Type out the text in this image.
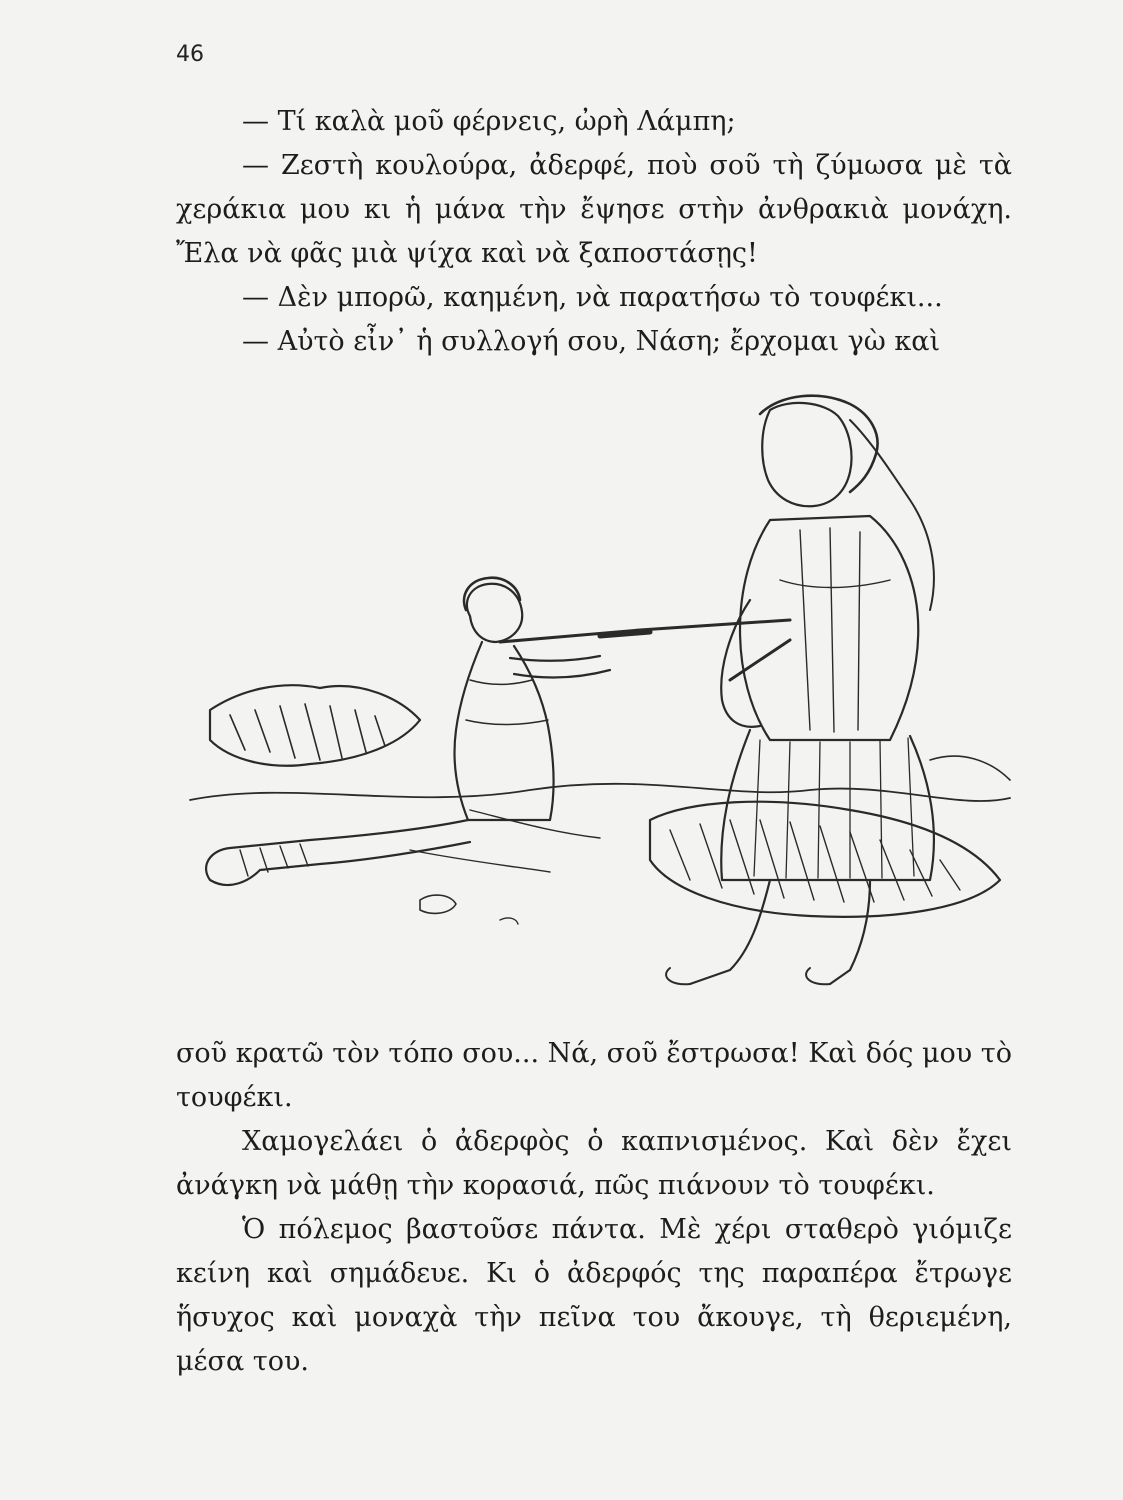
46

— Τί καλὰ μοῦ φέρνεις, ὠρὴ Λάμπη;

— Ζεστὴ κουλούρα, ἀδερφέ, ποὺ σοῦ τὴ ζύμωσα μὲ τὰ χεράκια μου κι ἡ μάνα τὴν ἔψησε στὴν ἀνθρακιὰ μονάχη. Ἔλα νὰ φᾶς μιὰ ψίχα καὶ νὰ ξαποστάσῃς!

— Δὲν μπορῶ, καημένη, νὰ παρατήσω τὸ τουφέκι...

— Αὐτὸ εἶν᾽ ἡ συλλογή σου, Νάση; ἔρχομαι γὼ καὶ

σοῦ κρατῶ τὸν τόπο σου... Νά, σοῦ ἔστρωσα! Καὶ δός μου τὸ τουφέκι.

Χαμογελάει ὁ ἀδερφὸς ὁ καπνισμένος. Καὶ δὲν ἔχει ἀνάγκη νὰ μάθῃ τὴν κορασιά, πῶς πιάνουν τὸ τουφέκι.

Ὁ πόλεμος βαστοῦσε πάντα. Μὲ χέρι σταθερὸ γιόμιζε κείνη καὶ σημάδευε. Κι ὁ ἀδερφός της παραπέρα ἔτρωγε ἥσυχος καὶ μοναχὰ τὴν πεῖνα του ἄκουγε, τὴ θεριεμένη, μέσα του.
